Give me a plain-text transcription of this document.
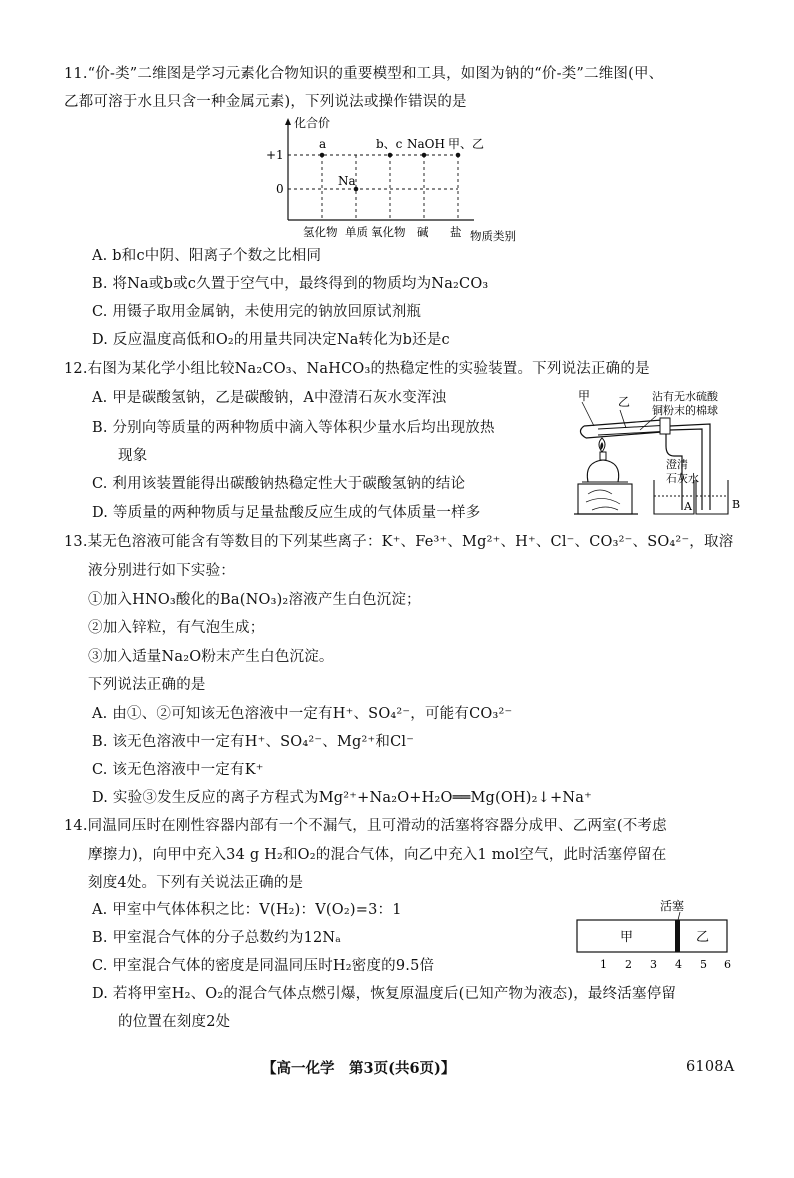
11.“价-类”二维图是学习元素化合物知识的重要模型和工具，如图为钠的“价-类”二维图(甲、
乙都可溶于水且只含一种金属元素)，下列说法或操作错误的是
化合价
+1
0
a	b、c NaOH 甲、乙
Na
氢化物 单质 氧化物 碱 盐 物质类别
A. b和c中阴、阳离子个数之比相同
B. 将Na或b或c久置于空气中，最终得到的物质均为Na₂CO₃
C. 用镊子取用金属钠，未使用完的钠放回原试剂瓶
D. 反应温度高低和O₂的用量共同决定Na转化为b还是c
12.右图为某化学小组比较Na₂CO₃、NaHCO₃的热稳定性的实验装置。下列说法正确的是
A. 甲是碳酸氢钠，乙是碳酸钠，A中澄清石灰水变浑浊
B. 分别向等质量的两种物质中滴入等体积少量水后均出现放热
现象
C. 利用该装置能得出碳酸钠热稳定性大于碳酸氢钠的结论
D. 等质量的两种物质与足量盐酸反应生成的气体质量一样多
甲 乙 沾有无水硫酸
铜粉末的棉球
澄清
石灰水
A	B
13.某无色溶液可能含有等数目的下列某些离子：K⁺、Fe³⁺、Mg²⁺、H⁺、Cl⁻、CO₃²⁻、SO₄²⁻，取溶
液分别进行如下实验：
①加入HNO₃酸化的Ba(NO₃)₂溶液产生白色沉淀；
②加入锌粒，有气泡生成；
③加入适量Na₂O粉末产生白色沉淀。
下列说法正确的是
A. 由①、②可知该无色溶液中一定有H⁺、SO₄²⁻，可能有CO₃²⁻
B. 该无色溶液中一定有H⁺、SO₄²⁻、Mg²⁺和Cl⁻
C. 该无色溶液中一定有K⁺
D. 实验③发生反应的离子方程式为Mg²⁺+Na₂O+H₂O══Mg(OH)₂↓+Na⁺
14.同温同压时在刚性容器内部有一个不漏气，且可滑动的活塞将容器分成甲、乙两室(不考虑
摩擦力)，向甲中充入34 g H₂和O₂的混合气体，向乙中充入1 mol空气，此时活塞停留在
刻度4处。下列有关说法正确的是
A. 甲室中气体体积之比：V(H₂)：V(O₂)=3：1
B. 甲室混合气体的分子总数约为12Nₐ
C. 甲室混合气体的密度是同温同压时H₂密度的9.5倍
D. 若将甲室H₂、O₂的混合气体点燃引爆，恢复原温度后(已知产物为液态)，最终活塞停留
的位置在刻度2处
活塞
甲	乙
1 2 3 4 5 6
【高一化学　第3页(共6页)】	6108A
